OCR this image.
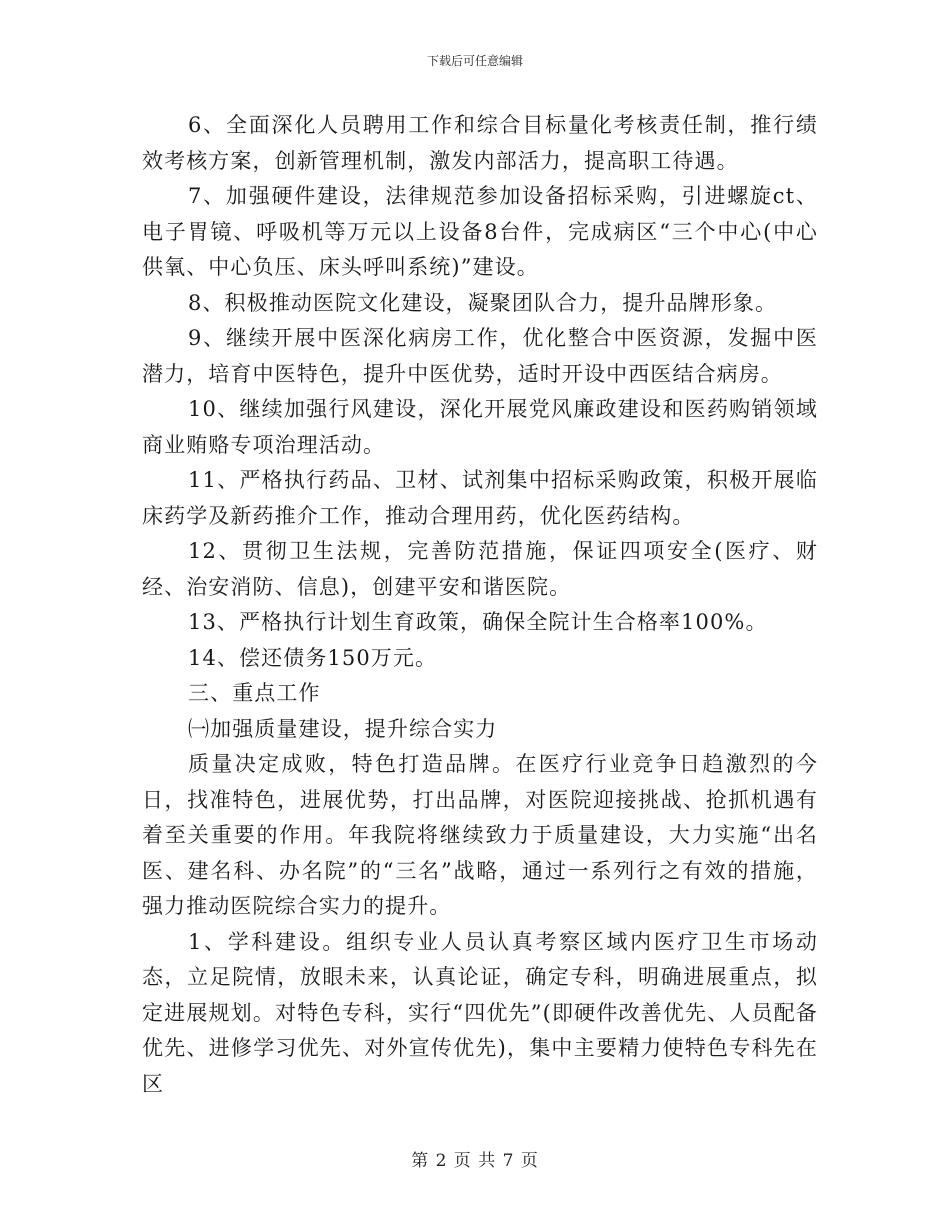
下载后可任意编辑

6、全面深化人员聘用工作和综合目标量化考核责任制，推行绩效考核方案，创新管理机制，激发内部活力，提高职工待遇。

7、加强硬件建设，法律规范参加设备招标采购，引进螺旋ct、电子胃镜、呼吸机等万元以上设备8台件，完成病区“三个中心(中心供氧、中心负压、床头呼叫系统)”建设。

8、积极推动医院文化建设，凝聚团队合力，提升品牌形象。

9、继续开展中医深化病房工作，优化整合中医资源，发掘中医潜力，培育中医特色，提升中医优势，适时开设中西医结合病房。

10、继续加强行风建设，深化开展党风廉政建设和医药购销领域商业贿赂专项治理活动。

11、严格执行药品、卫材、试剂集中招标采购政策，积极开展临床药学及新药推介工作，推动合理用药，优化医药结构。

12、贯彻卫生法规，完善防范措施，保证四项安全(医疗、财经、治安消防、信息)，创建平安和谐医院。

13、严格执行计划生育政策，确保全院计生合格率100%。

14、偿还债务150万元。

三、重点工作

㈠加强质量建设，提升综合实力

质量决定成败，特色打造品牌。在医疗行业竞争日趋激烈的今日，找准特色，进展优势，打出品牌，对医院迎接挑战、抢抓机遇有着至关重要的作用。年我院将继续致力于质量建设，大力实施“出名医、建名科、办名院”的“三名”战略，通过一系列行之有效的措施，强力推动医院综合实力的提升。

1、学科建设。组织专业人员认真考察区域内医疗卫生市场动态，立足院情，放眼未来，认真论证，确定专科，明确进展重点，拟定进展规划。对特色专科，实行“四优先”(即硬件改善优先、人员配备优先、进修学习优先、对外宣传优先)，集中主要精力使特色专科先在区

第 2 页 共 7 页
